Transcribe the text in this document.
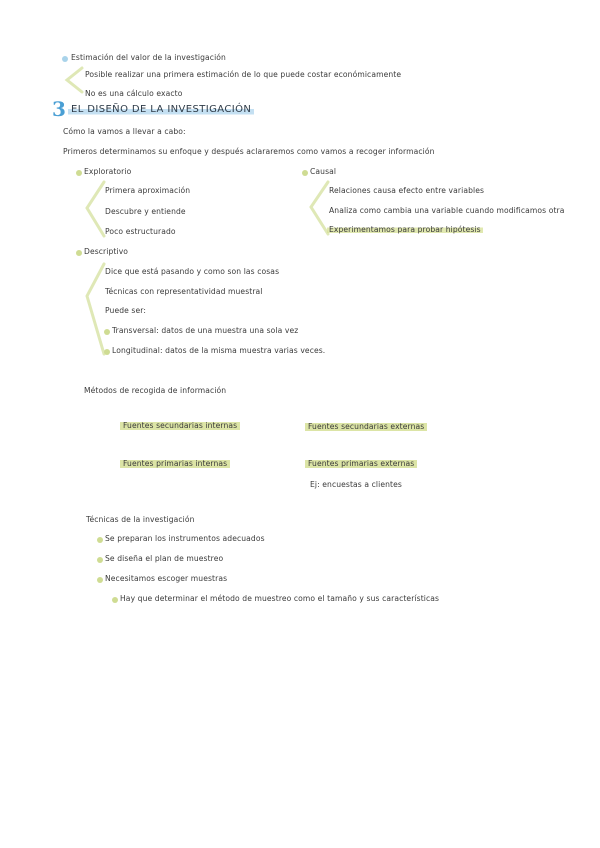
Estimación del valor de la investigación
Posible realizar una primera estimación de lo que puede costar económicamente
No es una cálculo exacto
3 EL DISEÑO DE LA INVESTIGACIÓN
Cómo la vamos a llevar a cabo:
Primeros determinamos su enfoque y después aclararemos como vamos a recoger información
Exploratorio
Primera aproximación
Descubre y entiende
Poco estructurado
Causal
Relaciones causa efecto entre variables
Analiza como cambia una variable cuando modificamos otra
Experimentamos para probar hipótesis
Descriptivo
Dice que está pasando y como son las cosas
Técnicas con representatividad muestral
Puede ser:
Transversal: datos de una muestra una sola vez
Longitudinal: datos de la misma muestra varias veces.
Métodos de recogida de información
Fuentes secundarias internas	Fuentes secundarias externas
Fuentes primarias internas	Fuentes primarias externas
Ej: encuestas a clientes
Técnicas de la investigación
Se preparan los instrumentos adecuados
Se diseña el plan de muestreo
Necesitamos escoger muestras
Hay que determinar el método de muestreo como el tamaño y sus características
